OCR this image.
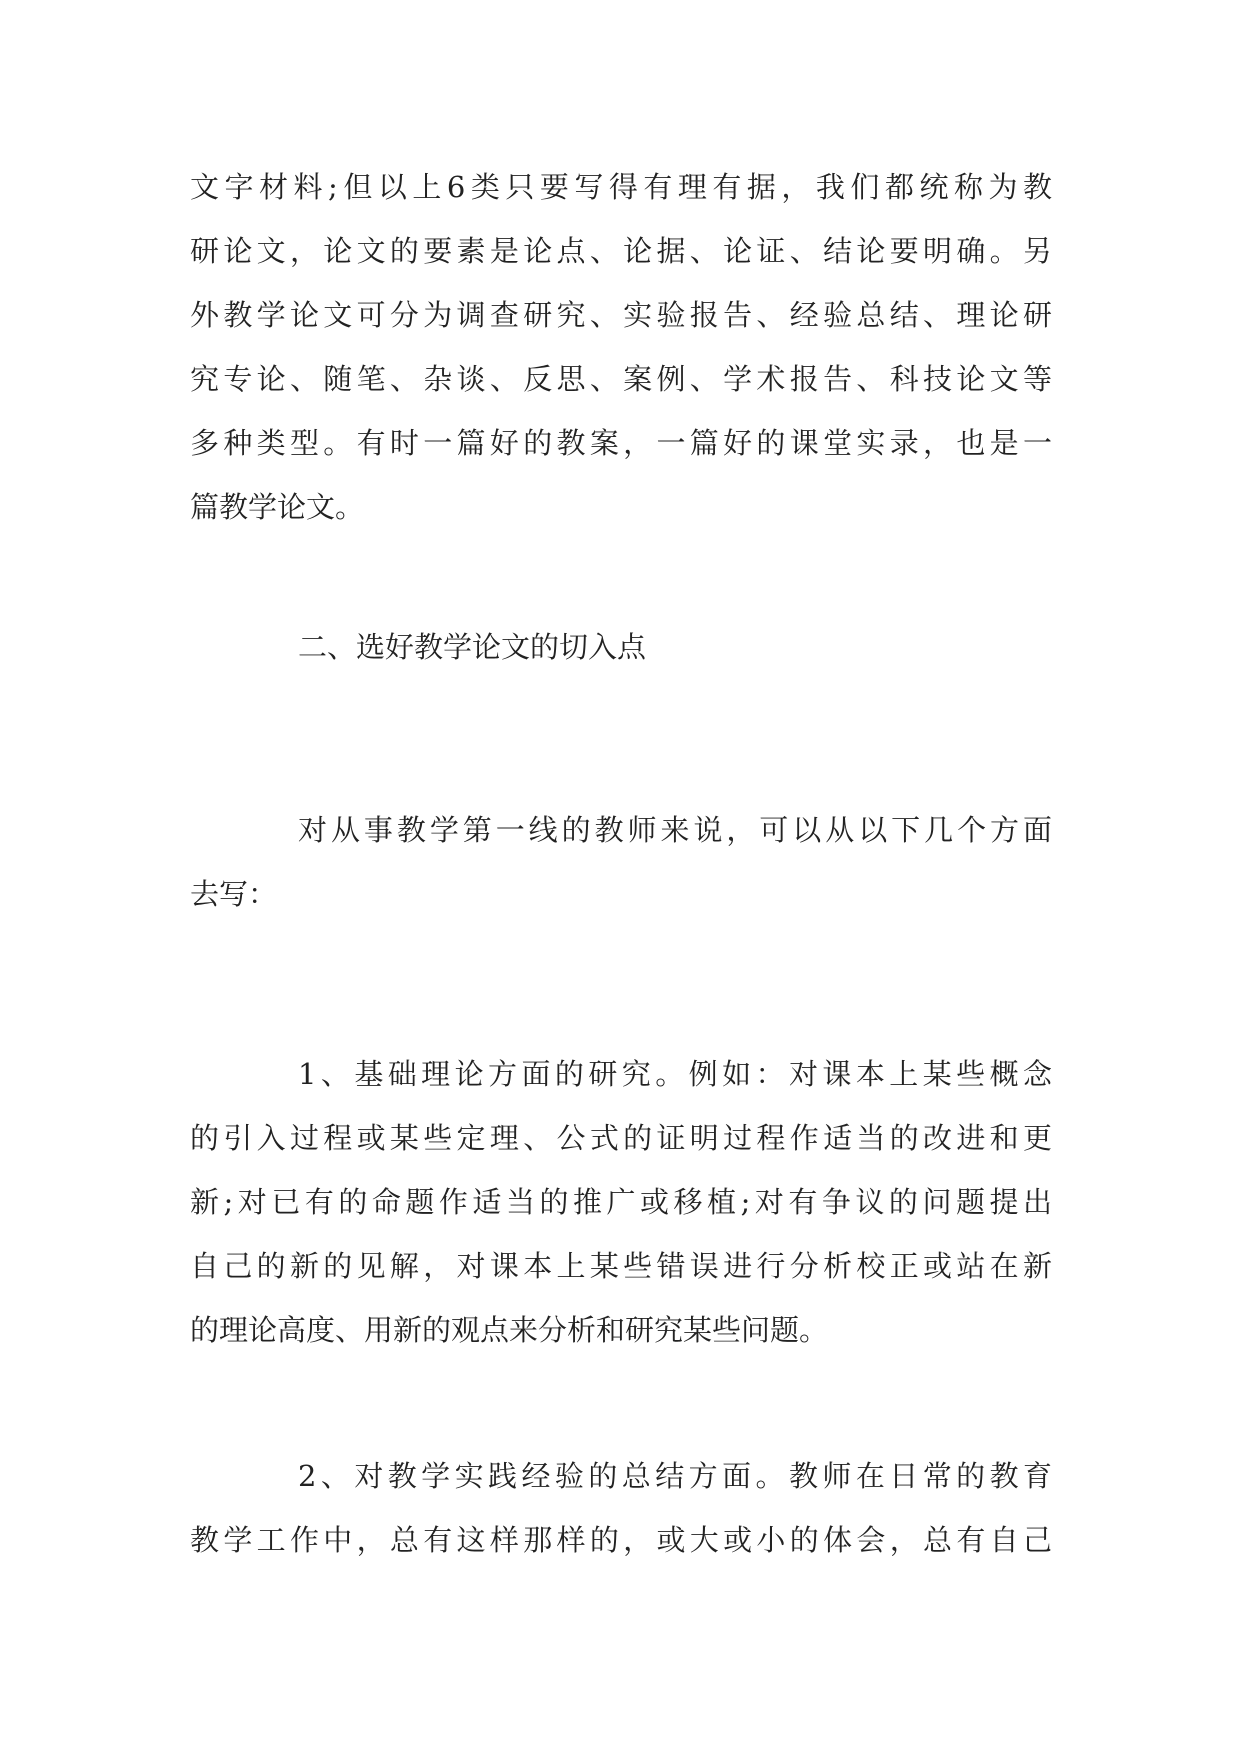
文字材料;但以上6类只要写得有理有据，我们都统称为教
研论文，论文的要素是论点、论据、论证、结论要明确。另
外教学论文可分为调查研究、实验报告、经验总结、理论研
究专论、随笔、杂谈、反思、案例、学术报告、科技论文等
多种类型。有时一篇好的教案，一篇好的课堂实录，也是一
篇教学论文。
二、选好教学论文的切入点
对从事教学第一线的教师来说，可以从以下几个方面
去写：
1、基础理论方面的研究。例如：对课本上某些概念
的引入过程或某些定理、公式的证明过程作适当的改进和更
新;对已有的命题作适当的推广或移植;对有争议的问题提出
自己的新的见解，对课本上某些错误进行分析校正或站在新
的理论高度、用新的观点来分析和研究某些问题。
2、对教学实践经验的总结方面。教师在日常的教育
教学工作中，总有这样那样的，或大或小的体会，总有自己
